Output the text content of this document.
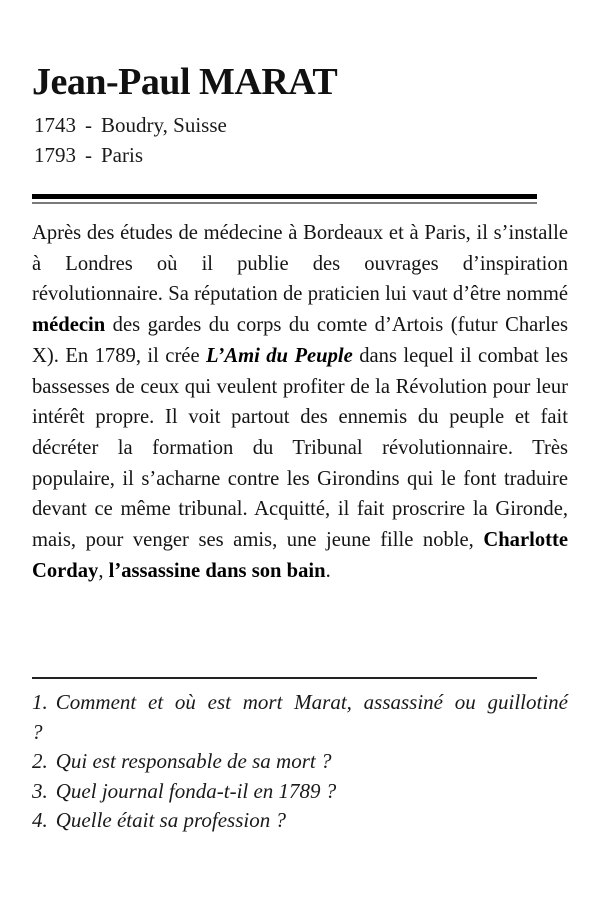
Jean-Paul MARAT
1743 - Boudry, Suisse
1793 - Paris

Après des études de médecine à Bordeaux et à Paris, il s’installe à Londres où il publie des ouvrages d’inspiration révolutionnaire. Sa réputation de praticien lui vaut d’être nommé médecin des gardes du corps du comte d’Artois (futur Charles X). En 1789, il crée L’Ami du Peuple dans lequel il combat les bassesses de ceux qui veulent profiter de la Révolution pour leur intérêt propre. Il voit partout des ennemis du peuple et fait décréter la formation du Tribunal révolutionnaire. Très populaire, il s’acharne contre les Girondins qui le font traduire devant ce même tribunal. Acquitté, il fait proscrire la Gironde, mais, pour venger ses amis, une jeune fille noble, Charlotte Corday, l’assassine dans son bain.

1. Comment et où est mort Marat, assassiné ou guillotiné ?
2. Qui est responsable de sa mort ?
3. Quel journal fonda-t-il en 1789 ?
4. Quelle était sa profession ?
